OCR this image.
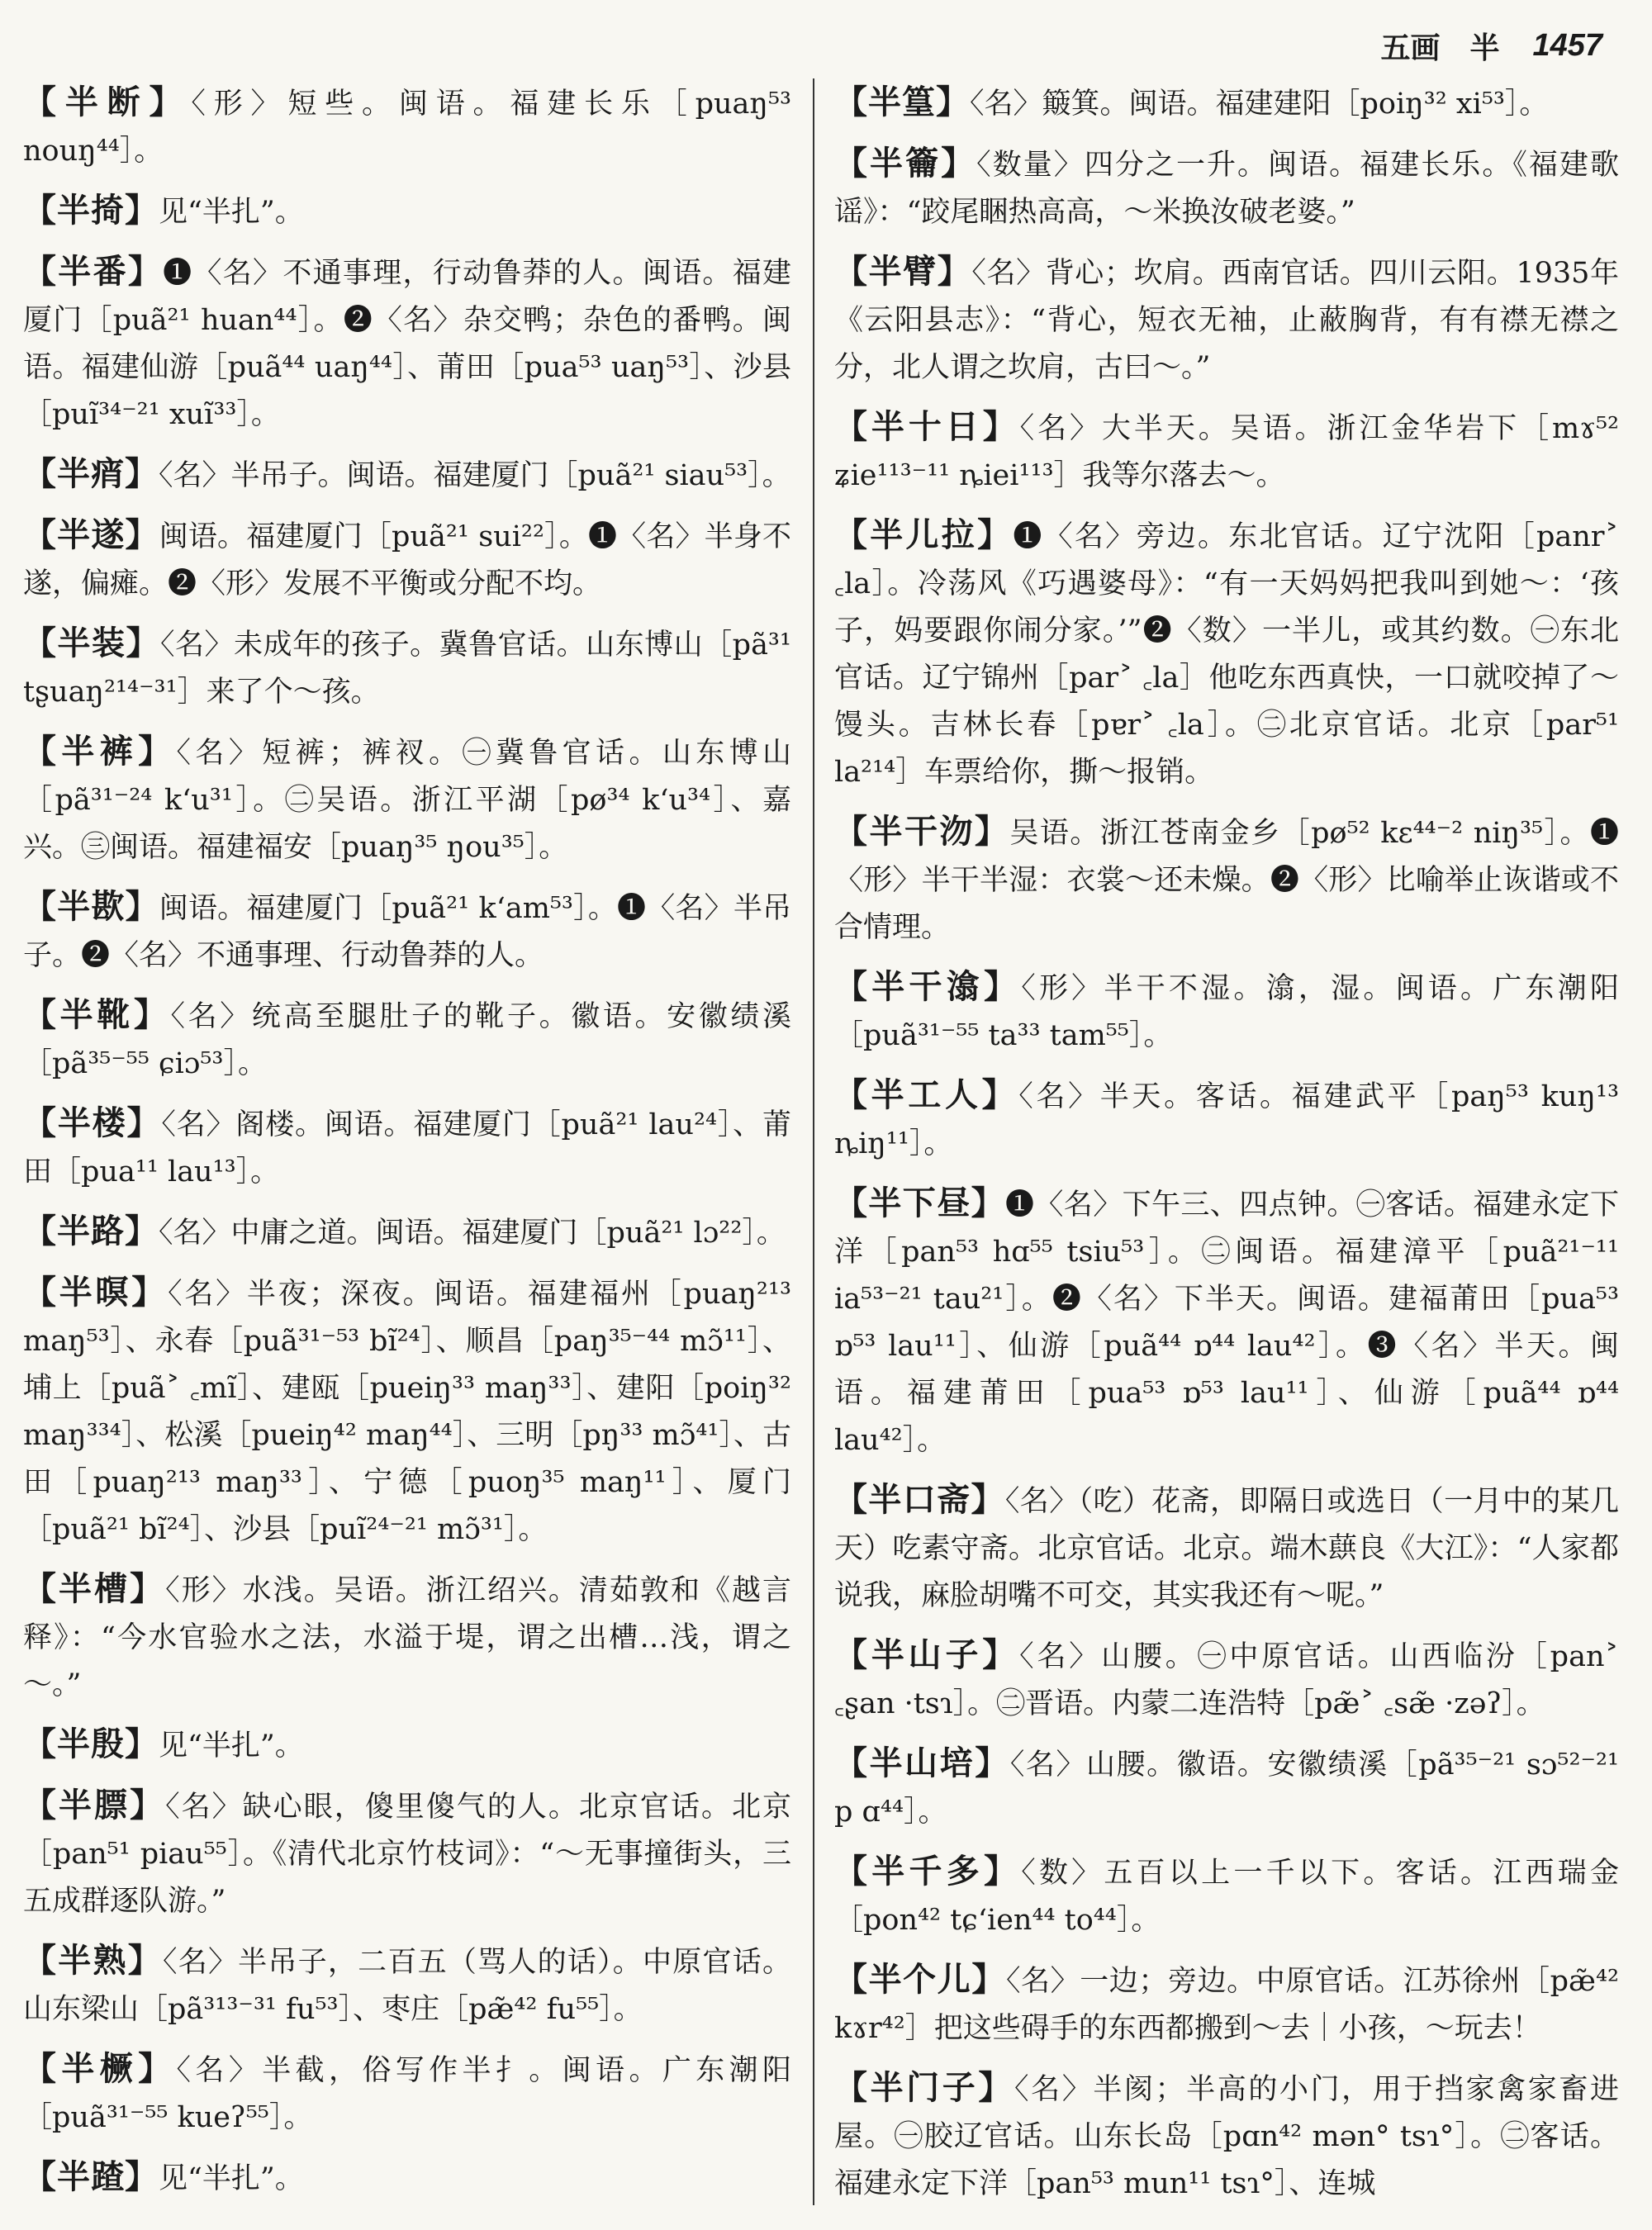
五画　半 1457
【半断】〈形〉短些。闽语。福建长乐［puaŋ⁵³ nouŋ⁴⁴］。
【半掎】见“半扎”。
【半番】❶〈名〉不通事理，行动鲁莽的人。闽语。福建厦门［puã²¹ huan⁴⁴］。❷〈名〉杂交鸭；杂色的番鸭。闽语。福建仙游［puã⁴⁴ uaŋ⁴⁴］、莆田［pua⁵³ uaŋ⁵³］、沙县［puĩ³⁴⁻²¹ xuĩ³³］。
【半痟】〈名〉半吊子。闽语。福建厦门［puã²¹ siau⁵³］。
【半遂】闽语。福建厦门［puã²¹ sui²²］。❶〈名〉半身不遂，偏瘫。❷〈形〉发展不平衡或分配不均。
【半装】〈名〉未成年的孩子。冀鲁官话。山东博山［pã³¹ tʂuaŋ²¹⁴⁻³¹］来了个～孩。
【半裤】〈名〉短裤；裤衩。㊀冀鲁官话。山东博山［pã³¹⁻²⁴ k‘u³¹］。㊁吴语。浙江平湖［pø³⁴ k‘u³⁴］、嘉兴。㊂闽语。福建福安［puaŋ³⁵ ŋou³⁵］。
【半歁】闽语。福建厦门［puã²¹ k‘am⁵³］。❶〈名〉半吊子。❷〈名〉不通事理、行动鲁莽的人。
【半靴】〈名〉统高至腿肚子的靴子。徽语。安徽绩溪［pã³⁵⁻⁵⁵ ɕiɔ⁵³］。
【半楼】〈名〉阁楼。闽语。福建厦门［puã²¹ lau²⁴］、莆田［pua¹¹ lau¹³］。
【半路】〈名〉中庸之道。闽语。福建厦门［puã²¹ lɔ²²］。
【半暝】〈名〉半夜；深夜。闽语。福建福州［puaŋ²¹³ maŋ⁵³］、永春［puã³¹⁻⁵³ bĩ²⁴］、顺昌［paŋ³⁵⁻⁴⁴ mɔ̃¹¹］、埔上［puã˃ ꜀mĩ］、建瓯［pueiŋ³³ maŋ³³］、建阳［poiŋ³² maŋ³³⁴］、松溪［pueiŋ⁴² maŋ⁴⁴］、三明［pŋ³³ mɔ̃⁴¹］、古田［puaŋ²¹³ maŋ³³］、宁德［puoŋ³⁵ maŋ¹¹］、厦门［puã²¹ bĩ²⁴］、沙县［puĩ²⁴⁻²¹ mɔ̃³¹］。
【半槽】〈形〉水浅。吴语。浙江绍兴。清茹敦和《越言释》：“今水官验水之法，水溢于堤，谓之出槽…浅，谓之～。”
【半殷】见“半扎”。
【半膘】〈名〉缺心眼，傻里傻气的人。北京官话。北京［pan⁵¹ piau⁵⁵］。《清代北京竹枝词》：“～无事撞街头，三五成群逐队游。”
【半熟】〈名〉半吊子，二百五（骂人的话）。中原官话。山东梁山［pã³¹³⁻³¹ fu⁵³］、枣庄［pæ̃⁴² fu⁵⁵］。
【半橛】〈名〉半截，俗写作半扌。闽语。广东潮阳［puã³¹⁻⁵⁵ kueʔ⁵⁵］。
【半蹅】见“半扎”。
【半篁】〈名〉簸箕。闽语。福建建阳［poiŋ³² xi⁵³］。
【半籥】〈数量〉四分之一升。闽语。福建长乐。《福建歌谣》：“跤尾睏热高高，～米换汝破老婆。”
【半臂】〈名〉背心；坎肩。西南官话。四川云阳。1935年《云阳县志》：“背心，短衣无袖，止蔽胸背，有有襟无襟之分，北人谓之坎肩，古曰～。”
【半十日】〈名〉大半天。吴语。浙江金华岩下［mɤ⁵² ʑie¹¹³⁻¹¹ ȵiei¹¹³］我等尔落去～。
【半儿拉】❶〈名〉旁边。东北官话。辽宁沈阳［panr˃ ꜀la］。冷荡风《巧遇婆母》：“有一天妈妈把我叫到她～：‘孩子，妈要跟你闹分家。’”❷〈数〉一半儿，或其约数。㊀东北官话。辽宁锦州［par˃ ꜀la］他吃东西真快，一口就咬掉了～馒头。吉林长春［pɐr˃ ꜀la］。㊁北京官话。北京［par⁵¹ la²¹⁴］车票给你，撕～报销。
【半干沕】吴语。浙江苍南金乡［pø⁵² kɛ⁴⁴⁻² niŋ³⁵］。❶〈形〉半干半湿：衣裳～还未燥。❷〈形〉比喻举止诙谐或不合情理。
【半干潝】〈形〉半干不湿。潝，湿。闽语。广东潮阳［puã³¹⁻⁵⁵ ta³³ tam⁵⁵］。
【半工人】〈名〉半天。客话。福建武平［paŋ⁵³ kuŋ¹³ ȵiŋ¹¹］。
【半下昼】❶〈名〉下午三、四点钟。㊀客话。福建永定下洋［pan⁵³ hɑ⁵⁵ tsiu⁵³］。㊁闽语。福建漳平［puã²¹⁻¹¹ ia⁵³⁻²¹ tau²¹］。❷〈名〉下半天。闽语。建福莆田［pua⁵³ ɒ⁵³ lau¹¹］、仙游［puã⁴⁴ ɒ⁴⁴ lau⁴²］。❸〈名〉半天。闽语。福建莆田［pua⁵³ ɒ⁵³ lau¹¹］、仙游［puã⁴⁴ ɒ⁴⁴ lau⁴²］。
【半口斋】〈名〉（吃）花斋，即隔日或选日（一月中的某几天）吃素守斋。北京官话。北京。端木蕻良《大江》：“人家都说我，麻脸胡嘴不可交，其实我还有～呢。”
【半山子】〈名〉山腰。㊀中原官话。山西临汾［pan˃ ꜀ʂan ·tsɿ］。㊁晋语。内蒙二连浩特［pæ̃˃ ꜀sæ̃ ·zəʔ］。
【半山培】〈名〉山腰。徽语。安徽绩溪［pã³⁵⁻²¹ sɔ⁵²⁻²¹ p ɑ⁴⁴］。
【半千多】〈数〉五百以上一千以下。客话。江西瑞金［pon⁴² tɕ‘ien⁴⁴ to⁴⁴］。
【半个儿】〈名〉一边；旁边。中原官话。江苏徐州［pæ̃⁴² kɤr⁴²］把这些碍手的东西都搬到～去｜小孩，～玩去！
【半门子】〈名〉半阂；半高的小门，用于挡家禽家畜进屋。㊀胶辽官话。山东长岛［pɑn⁴² mən° tsɿ°］。㊁客话。福建永定下洋［pan⁵³ mun¹¹ tsɿ°］、连城
